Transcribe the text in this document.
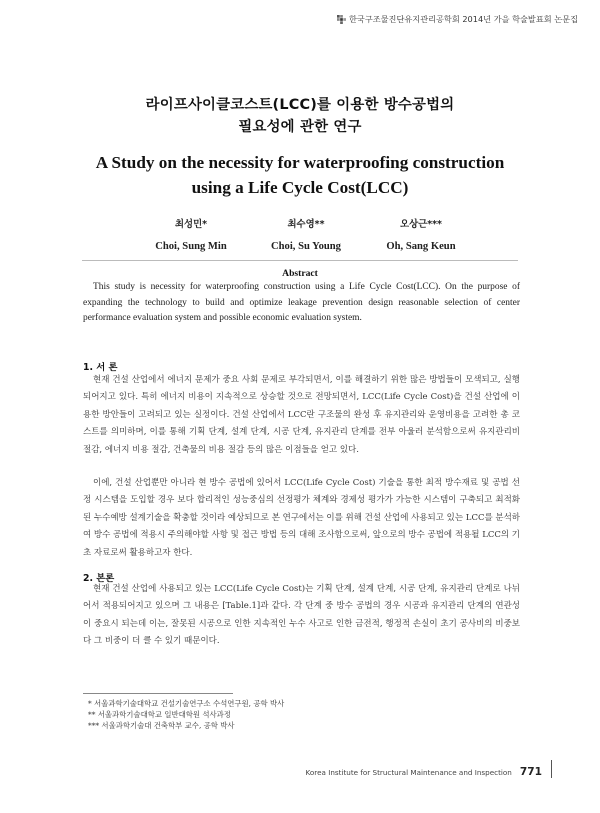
한국구조물진단유지관리공학회 2014년 가을 학술발표회 논문집
라이프사이클코스트(LCC)를 이용한 방수공법의
필요성에 관한 연구
A Study on the necessity for waterproofing construction
using a Life Cycle Cost(LCC)
최성민*
Choi, Sung Min
최수영**
Choi, Su Young
오상근***
Oh, Sang Keun
Abstract
This study is necessity for waterproofing construction using a Life Cycle Cost(LCC). On the purpose of expanding the technology to build and optimize leakage prevention design reasonable selection of center performance evaluation system and possible economic evaluation system.
1. 서 론
현재 건설 산업에서 에너지 문제가 중요 사회 문제로 부각되면서, 이를 해결하기 위한 많은 방법들이 모색되고, 실행되어지고 있다. 특히 에너지 비용이 지속적으로 상승할 것으로 전망되면서, LCC(Life Cycle Cost)을 건설 산업에 이용한 방안들이 고려되고 있는 실정이다. 건설 산업에서 LCC란 구조물의 완성 후 유지관리와 운영비용을 고려한 총 코스트를 의미하며, 이를 통해 기획 단계, 설계 단계, 시공 단계, 유지관리 단계를 전부 아울러 분석함으로써 유지관리비 절감, 에너지 비용 절감, 건축물의 비용 절감 등의 많은 이점들을 얻고 있다.
이에, 건설 산업뿐만 아니라 현 방수 공법에 있어서 LCC(Life Cycle Cost) 기술을 통한 최적 방수재료 및 공법 선정 시스템을 도입할 경우 보다 합리적인 성능중심의 선정평가 체계와 경제성 평가가 가능한 시스템이 구축되고 최적화된 누수예방 설계기술을 확충할 것이라 예상되므로 본 연구에서는 이를 위해 건설 산업에 사용되고 있는 LCC를 분석하여 방수 공법에 적용시 주의해야할 사항 및 접근 방법 등의 대해 조사함으로써, 앞으로의 방수 공법에 적용될 LCC의 기초 자료로써 활용하고자 한다.
2. 본론
현재 건설 산업에 사용되고 있는 LCC(Life Cycle Cost)는 기획 단계, 설계 단계, 시공 단계, 유지관리 단계로 나뉘어서 적용되어지고 있으며 그 내용은 [Table.1]과 같다. 각 단계 중 방수 공법의 경우 시공과 유지관리 단계의 연관성이 중요시 되는데 이는, 잘못된 시공으로 인한 지속적인 누수 사고로 인한 금전적, 행정적 손실이 초기 공사비의 비중보다 그 비중이 더 클 수 있기 때문이다.
* 서울과학기술대학교 건설기술연구소 수석연구원, 공학 박사
** 서울과학기술대학교 일반대학원 석사과정
*** 서울과학기술대 건축학부 교수, 공학 박사
Korea Institute for Structural Maintenance and Inspection 771
